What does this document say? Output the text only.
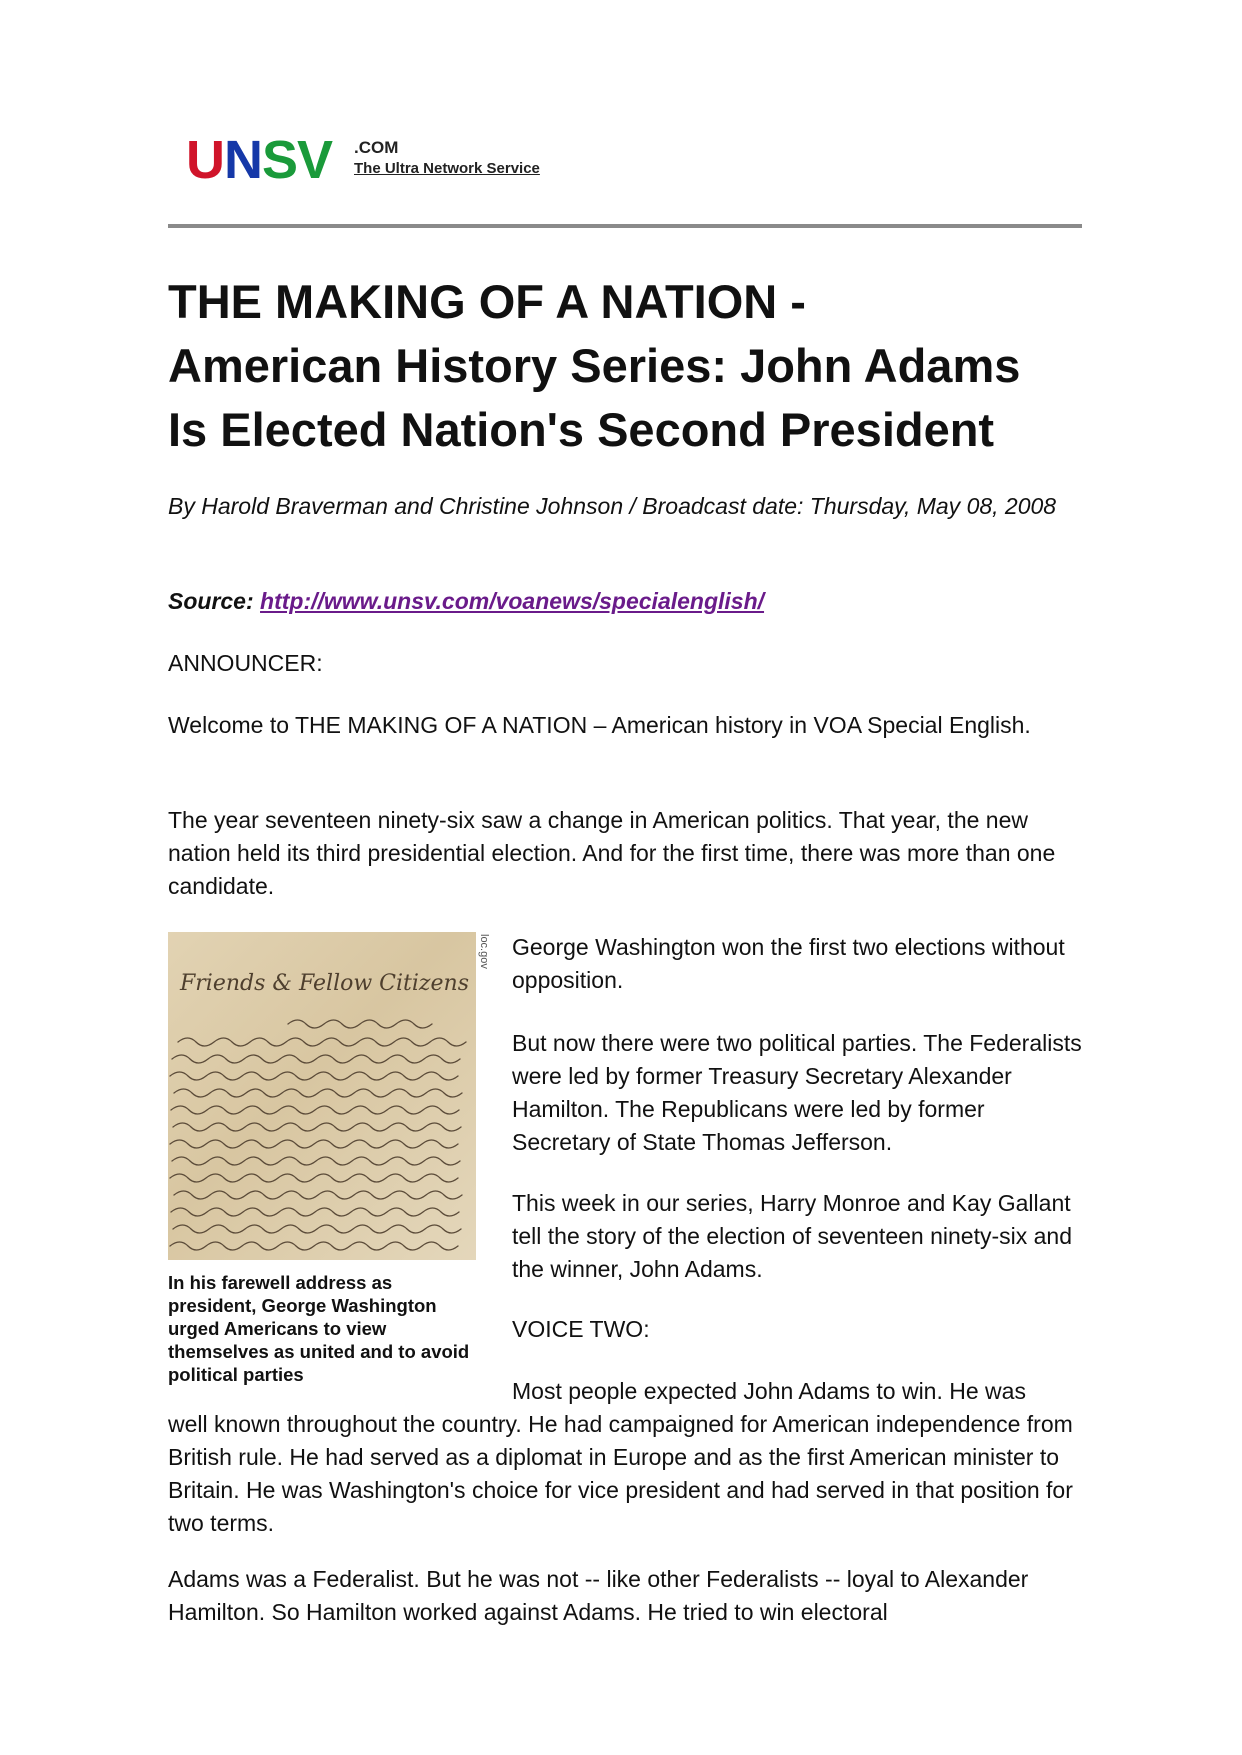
UNSV .COM
The Ultra Network Service
THE MAKING OF A NATION -
American History Series: John Adams
Is Elected Nation's Second President

By Harold Braverman and Christine Johnson / Broadcast date: Thursday, May 08, 2008

Source: http://www.unsv.com/voanews/specialenglish/

ANNOUNCER:

Welcome to THE MAKING OF A NATION – American history in VOA Special English.

The year seventeen ninety-six saw a change in American politics. That year, the new nation held its third presidential election. And for the first time, there was more than one candidate.

Friends & Fellow Citizens
loc.gov

In his farewell address as president, George Washington urged Americans to view themselves as united and to avoid political parties

George Washington won the first two elections without opposition.

But now there were two political parties. The Federalists were led by former Treasury Secretary Alexander Hamilton. The Republicans were led by former Secretary of State Thomas Jefferson.

This week in our series, Harry Monroe and Kay Gallant tell the story of the election of seventeen ninety-six and the winner, John Adams.

VOICE TWO:

Most people expected John Adams to win. He was

well known throughout the country. He had campaigned for American independence from British rule. He had served as a diplomat in Europe and as the first American minister to Britain. He was Washington's choice for vice president and had served in that position for two terms.

Adams was a Federalist. But he was not -- like other Federalists -- loyal to Alexander Hamilton. So Hamilton worked against Adams. He tried to win electoral
